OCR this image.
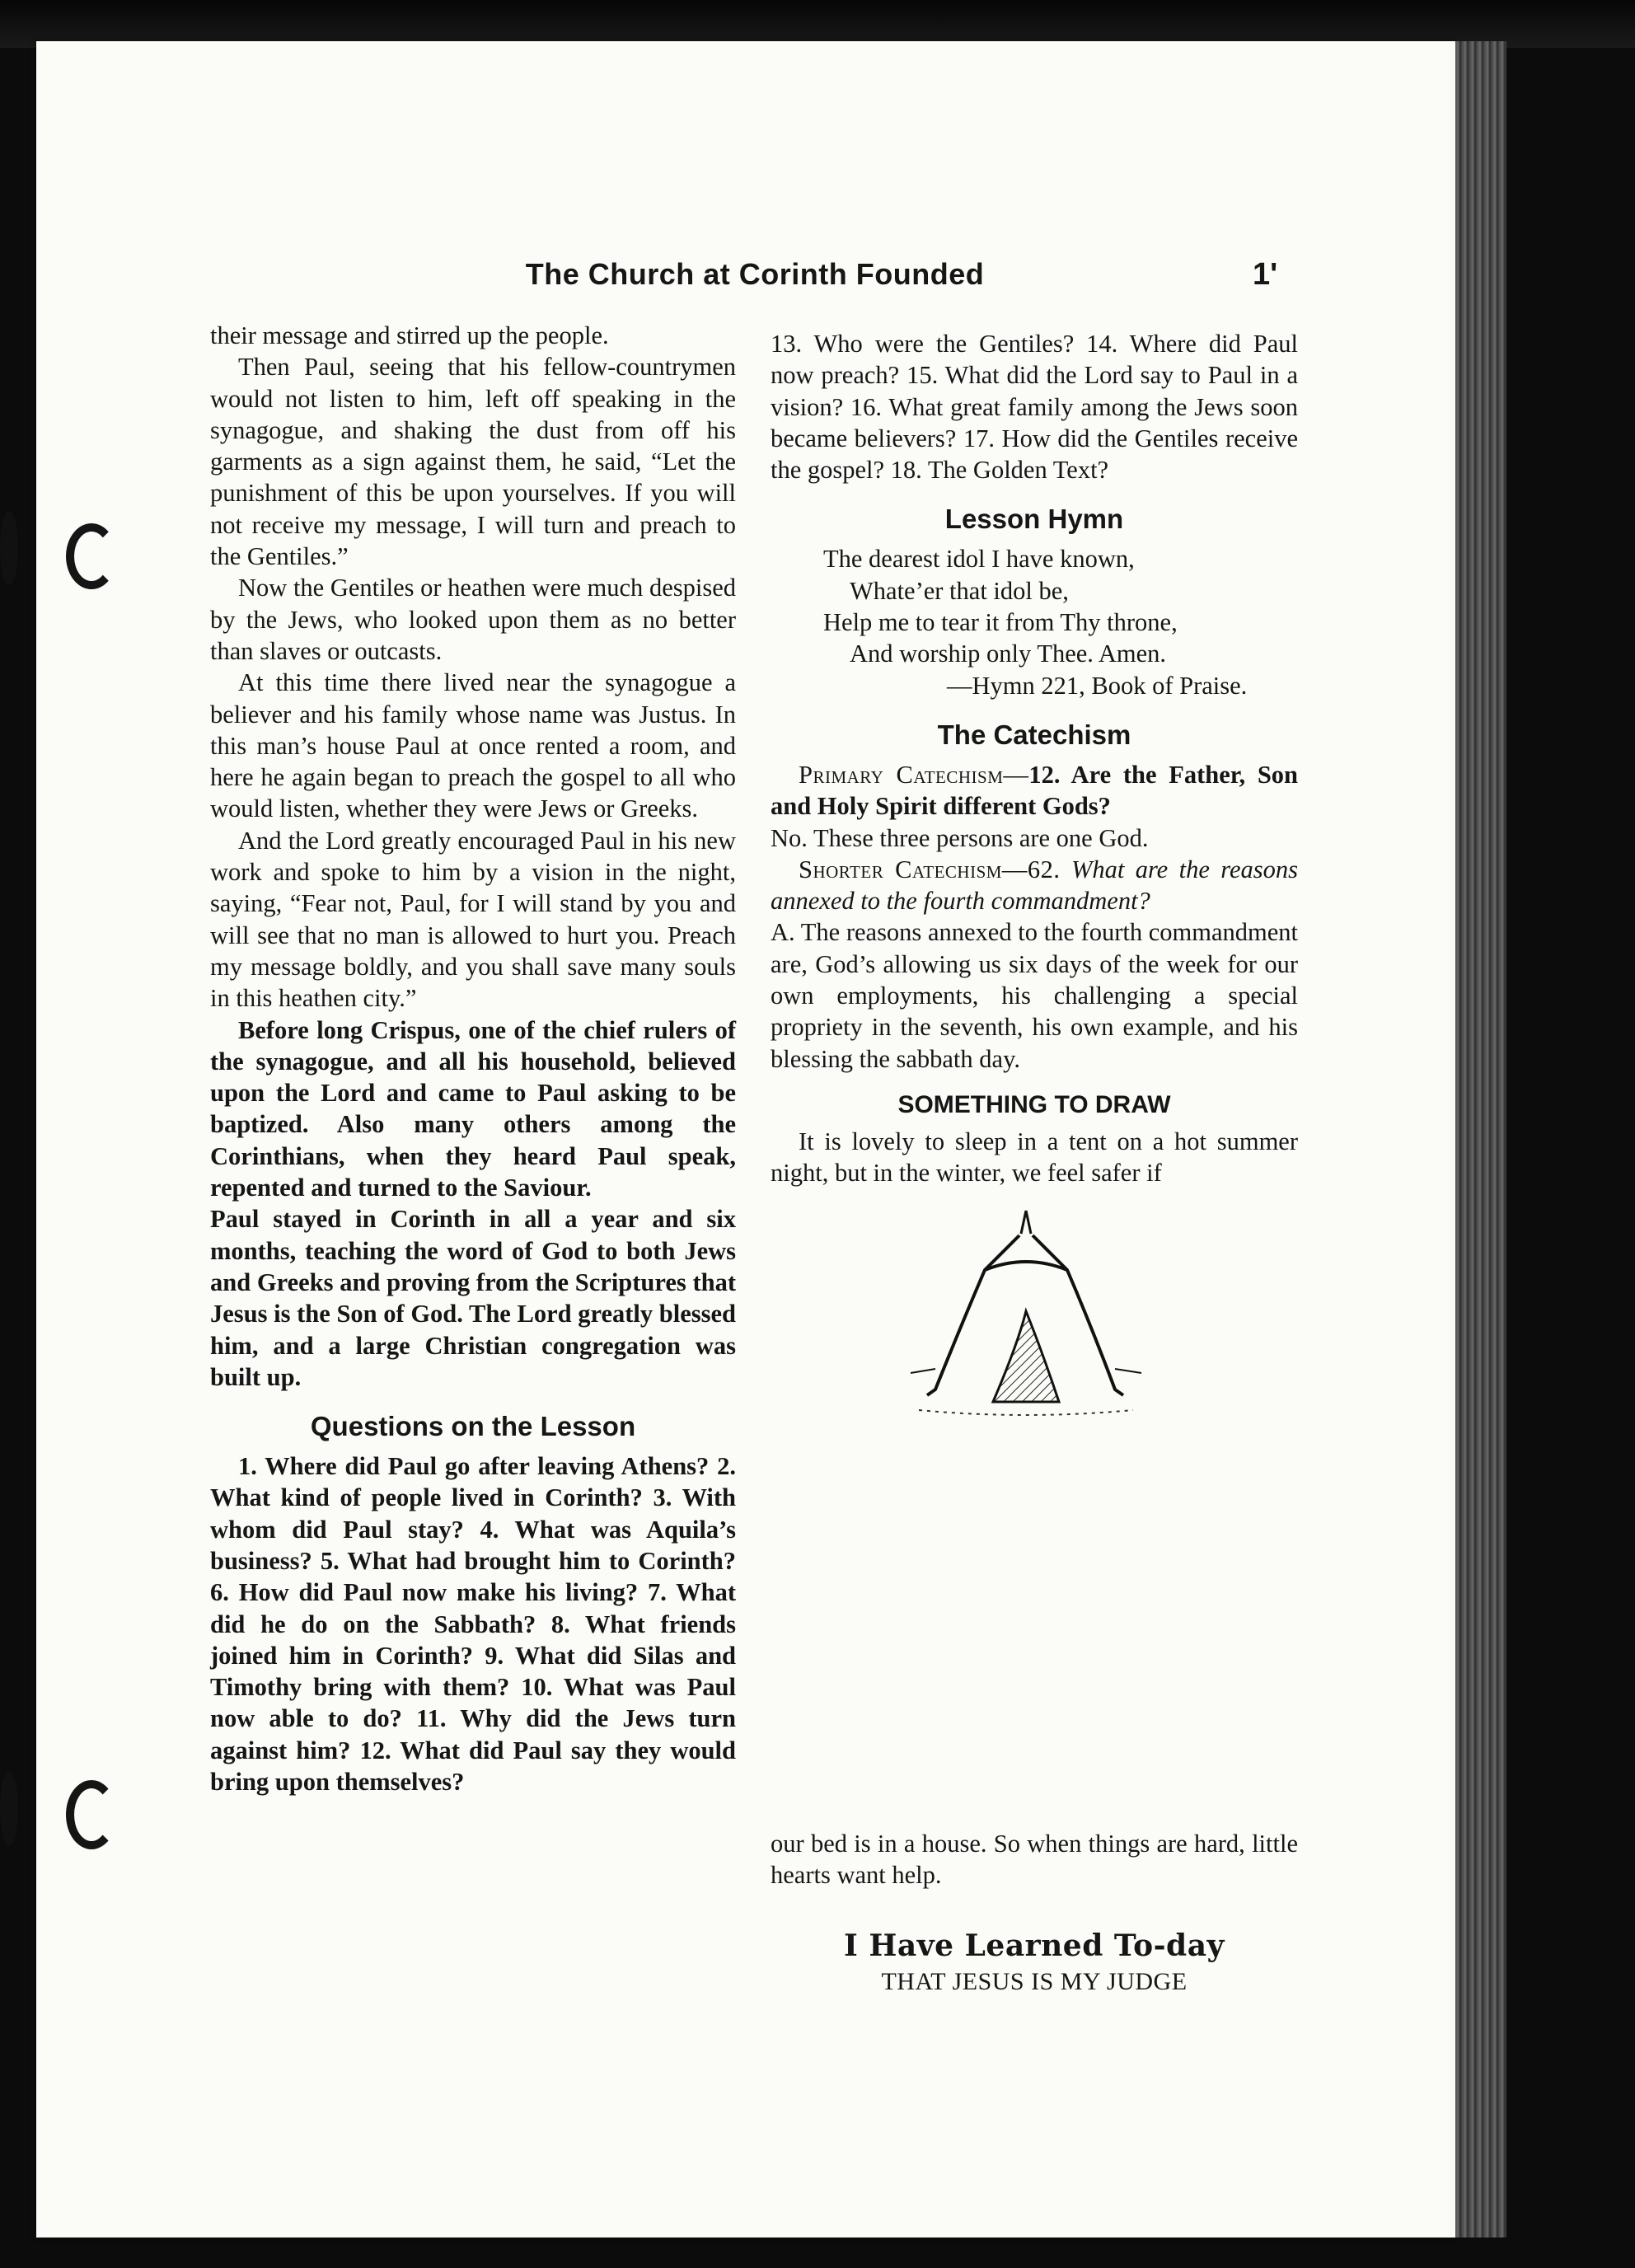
The Church at Corinth Founded	1'

their message and stirred up the people.

Then Paul, seeing that his fellow-countrymen would not listen to him, left off speaking in the synagogue, and shaking the dust from off his garments as a sign against them, he said, “Let the punishment of this be upon yourselves. If you will not receive my message, I will turn and preach to the Gentiles.”

Now the Gentiles or heathen were much despised by the Jews, who looked upon them as no better than slaves or outcasts.

At this time there lived near the synagogue a believer and his family whose name was Justus. In this man’s house Paul at once rented a room, and here he again began to preach the gospel to all who would listen, whether they were Jews or Greeks.

And the Lord greatly encouraged Paul in his new work and spoke to him by a vision in the night, saying, “Fear not, Paul, for I will stand by you and will see that no man is allowed to hurt you. Preach my message boldly, and you shall save many souls in this heathen city.”

Before long Crispus, one of the chief rulers of the synagogue, and all his household, believed upon the Lord and came to Paul asking to be baptized. Also many others among the Corinthians, when they heard Paul speak, repented and turned to the Saviour.

Paul stayed in Corinth in all a year and six months, teaching the word of God to both Jews and Greeks and proving from the Scriptures that Jesus is the Son of God. The Lord greatly blessed him, and a large Christian congregation was built up.

Questions on the Lesson

1. Where did Paul go after leaving Athens? 2. What kind of people lived in Corinth? 3. With whom did Paul stay? 4. What was Aquila’s business? 5. What had brought him to Corinth? 6. How did Paul now make his living? 7. What did he do on the Sabbath? 8. What friends joined him in Corinth? 9. What did Silas and Timothy bring with them? 10. What was Paul now able to do? 11. Why did the Jews turn against him? 12. What did Paul say they would bring upon themselves?

13. Who were the Gentiles? 14. Where did Paul now preach? 15. What did the Lord say to Paul in a vision? 16. What great family among the Jews soon became believers? 17. How did the Gentiles receive the gospel? 18. The Golden Text?

Lesson Hymn
The dearest idol I have known,
Whate’er that idol be,
Help me to tear it from Thy throne,
And worship only Thee. Amen.
—Hymn 221, Book of Praise.
The Catechism

Primary Catechism—12. Are the Father, Son and Holy Spirit different Gods?

No. These three persons are one God.

Shorter Catechism—62. What are the reasons annexed to the fourth commandment?

A. The reasons annexed to the fourth commandment are, God’s allowing us six days of the week for our own employments, his challenging a special propriety in the seventh, his own example, and his blessing the sabbath day.

SOMETHING TO DRAW

It is lovely to sleep in a tent on a hot summer night, but in the winter, we feel safer if

our bed is in a house. So when things are hard, little hearts want help.

I Have Learned To-day
THAT JESUS IS MY JUDGE
